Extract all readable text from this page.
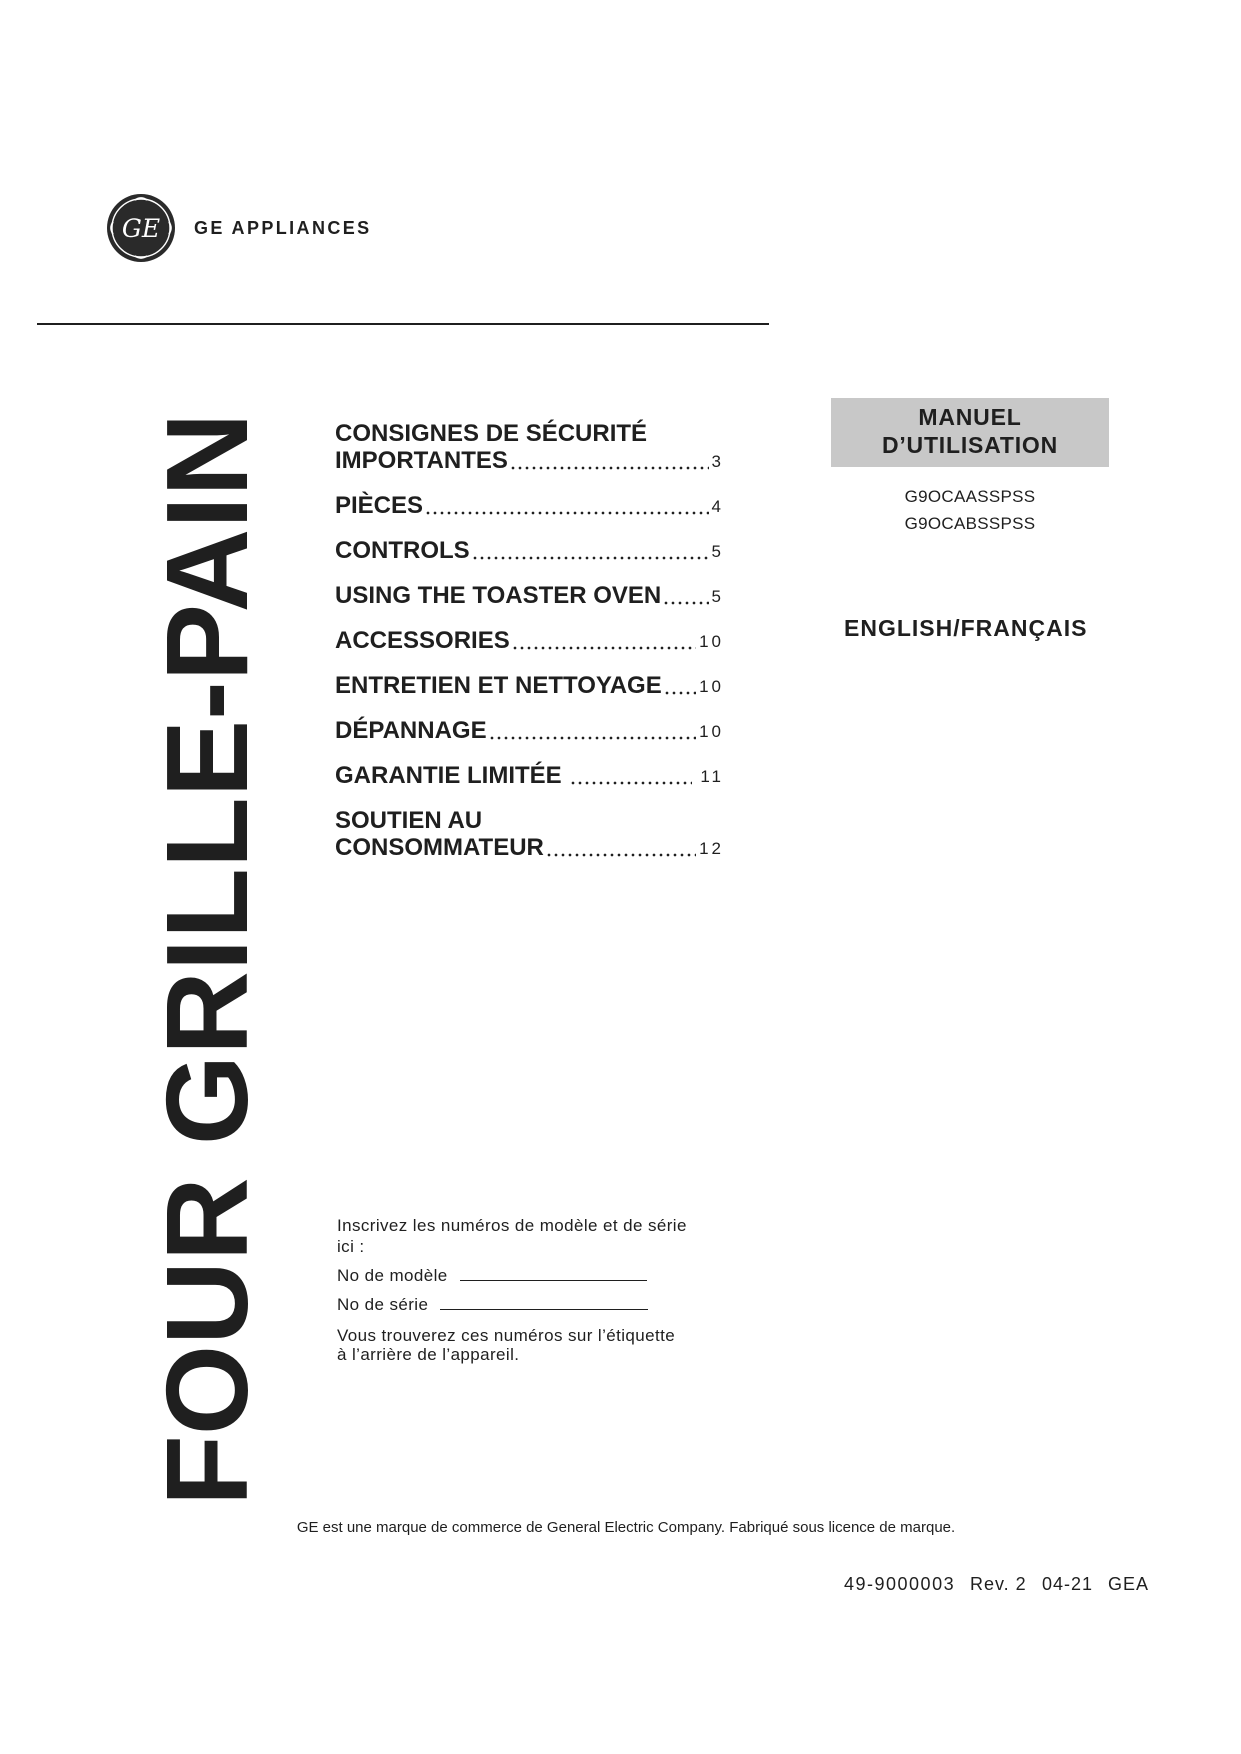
GE GE APPLIANCES
FOUR GRILLE-PAIN	CONSIGNES DE SÉCURITÉ
IMPORTANTES	3
PIÈCES	4
CONTROLS	5
USING THE TOASTER OVEN	5
ACCESSORIES	10
ENTRETIEN ET NETTOYAGE 10
DÉPANNAGE	10
GARANTIE LIMITÉE	11
SOUTIEN AU
CONSOMMATEUR	12
MANUEL
D’UTILISATION
G9OCAASSPSS
G9OCABSSPSS
ENGLISH/FRANÇAIS
Inscrivez les numéros de modèle et de série
ici :
No de modèle
No de série
Vous trouverez ces numéros sur l’étiquette
à l’arrière de l’appareil.
GE est une marque de commerce de General Electric Company. Fabriqué sous licence de marque.
49-9000003 Rev. 2 04-21 GEA
